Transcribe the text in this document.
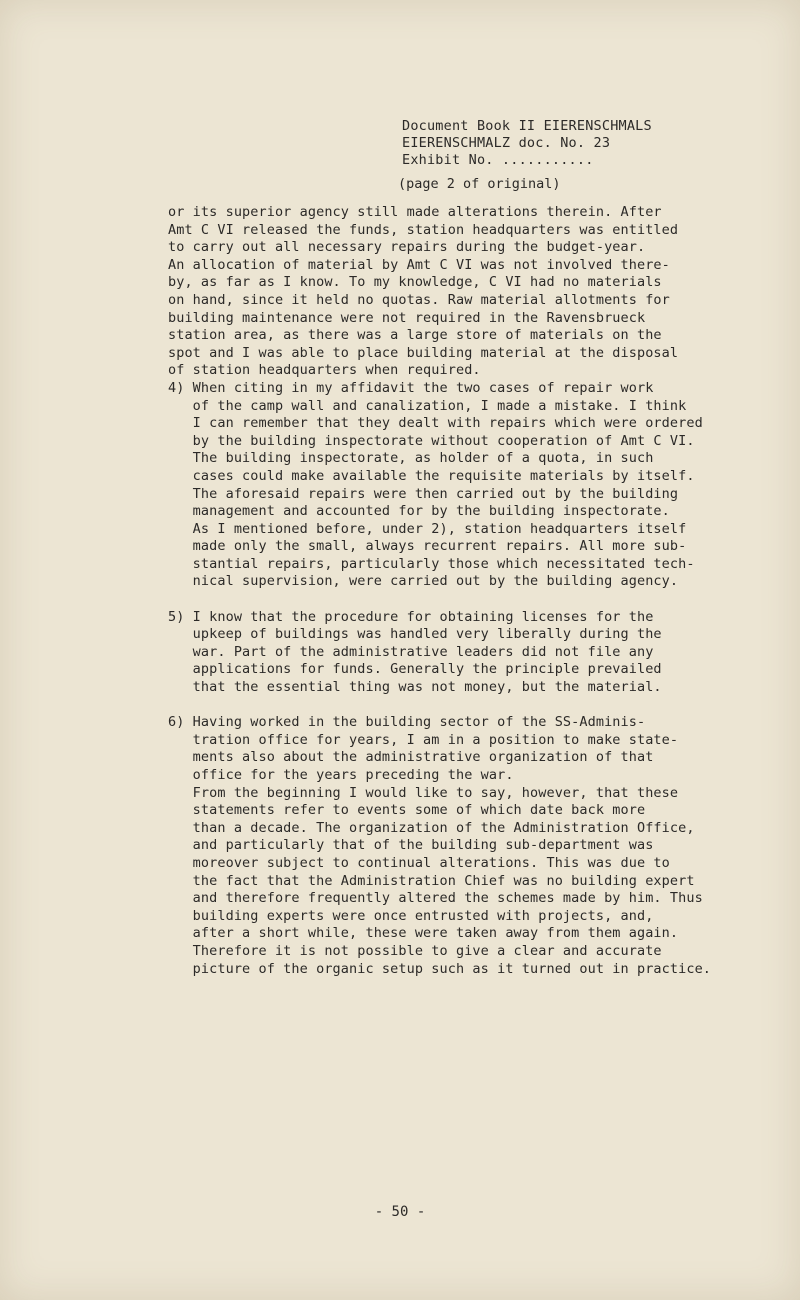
Document Book II EIERENSCHMALS
EIERENSCHMALZ doc. No. 23
Exhibit No. ...........
(page 2 of original)
or its superior agency still made alterations therein. After
Amt C VI released the funds, station headquarters was entitled
to carry out all necessary repairs during the budget-year.
An allocation of material by Amt C VI was not involved there-
by, as far as I know. To my knowledge, C VI had no materials
on hand, since it held no quotas. Raw material allotments for
building maintenance were not required in the Ravensbrueck
station area, as there was a large store of materials on the
spot and I was able to place building material at the disposal
of station headquarters when required.
4) When citing in my affidavit the two cases of repair work
of the camp wall and canalization, I made a mistake. I think
I can remember that they dealt with repairs which were ordered
by the building inspectorate without cooperation of Amt C VI.
The building inspectorate, as holder of a quota, in such
cases could make available the requisite materials by itself.
The aforesaid repairs were then carried out by the building
management and accounted for by the building inspectorate.
As I mentioned before, under 2), station headquarters itself
made only the small, always recurrent repairs. All more sub-
stantial repairs, particularly those which necessitated tech-
nical supervision, were carried out by the building agency.
5) I know that the procedure for obtaining licenses for the
upkeep of buildings was handled very liberally during the
war. Part of the administrative leaders did not file any
applications for funds. Generally the principle prevailed
that the essential thing was not money, but the material.
6) Having worked in the building sector of the SS-Adminis-
tration office for years, I am in a position to make state-
ments also about the administrative organization of that
office for the years preceding the war.
From the beginning I would like to say, however, that these
statements refer to events some of which date back more
than a decade. The organization of the Administration Office,
and particularly that of the building sub-department was
moreover subject to continual alterations. This was due to
the fact that the Administration Chief was no building expert
and therefore frequently altered the schemes made by him. Thus
building experts were once entrusted with projects, and,
after a short while, these were taken away from them again.
Therefore it is not possible to give a clear and accurate
picture of the organic setup such as it turned out in practice.
- 50 -
